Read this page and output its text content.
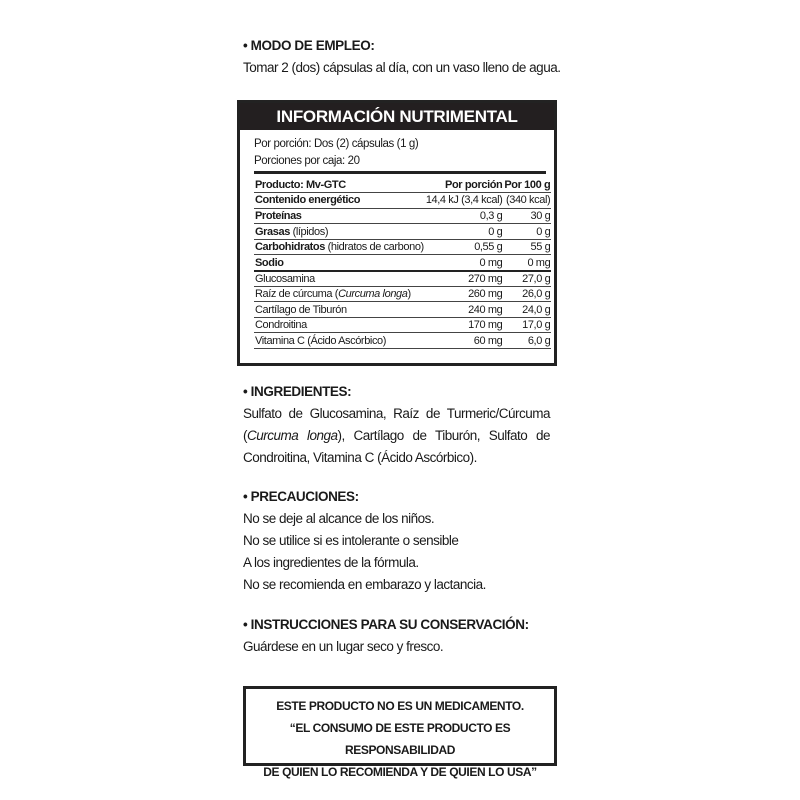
• MODO DE EMPLEO:
Tomar 2 (dos) cápsulas al día, con un vaso lleno de agua.
INFORMACIÓN NUTRIMENTAL
Por porción: Dos (2) cápsulas (1 g)
Porciones por caja: 20
Producto: Mv-GTC	Por porción	Por 100 g
Contenido energético	14,4 kJ (3,4 kcal)	(340 kcal)
Proteínas	0,3 g	30 g
Grasas (lípidos)	0 g	0 g
Carbohidratos (hidratos de carbono)	0,55 g	55 g
Sodio	0 mg	0 mg
Glucosamina	270 mg	27,0 g
Raíz de cúrcuma (Curcuma longa)	260 mg	26,0 g
Cartílago de Tiburón	240 mg	24,0 g
Condroitina	170 mg	17,0 g
Vitamina C (Ácido Ascórbico)	60 mg	6,0 g
• INGREDIENTES:
Sulfato de Glucosamina, Raíz de Turmeric/Cúrcuma (Curcuma longa), Cartílago de Tiburón, Sulfato de Condroitina, Vitamina C (Ácido Ascórbico).
• PRECAUCIONES:
No se deje al alcance de los niños.
No se utilice si es intolerante o sensible
A los ingredientes de la fórmula.
No se recomienda en embarazo y lactancia.
• INSTRUCCIONES PARA SU CONSERVACIÓN:
Guárdese en un lugar seco y fresco.
ESTE PRODUCTO NO ES UN MEDICAMENTO.
“EL CONSUMO DE ESTE PRODUCTO ES RESPONSABILIDAD
DE QUIEN LO RECOMIENDA Y DE QUIEN LO USA”
